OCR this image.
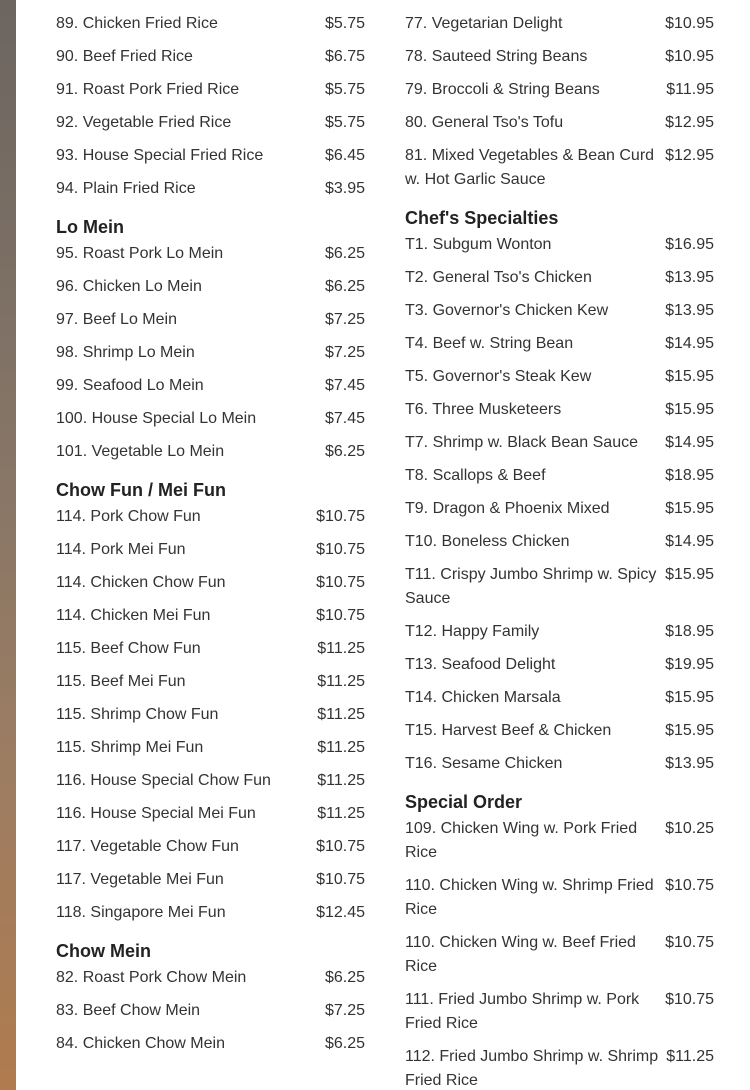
89. Chicken Fried Rice	$5.75
90. Beef Fried Rice	$6.75
91. Roast Pork Fried Rice	$5.75
92. Vegetable Fried Rice	$5.75
93. House Special Fried Rice	$6.45
94. Plain Fried Rice	$3.95
Lo Mein
95. Roast Pork Lo Mein	$6.25
96. Chicken Lo Mein	$6.25
97. Beef Lo Mein	$7.25
98. Shrimp Lo Mein	$7.25
99. Seafood Lo Mein	$7.45
100. House Special Lo Mein	$7.45
101. Vegetable Lo Mein	$6.25
Chow Fun / Mei Fun
114. Pork Chow Fun	$10.75
114. Pork Mei Fun	$10.75
114. Chicken Chow Fun	$10.75
114. Chicken Mei Fun	$10.75
115. Beef Chow Fun	$11.25
115. Beef Mei Fun	$11.25
115. Shrimp Chow Fun	$11.25
115. Shrimp Mei Fun	$11.25
116. House Special Chow Fun	$11.25
116. House Special Mei Fun	$11.25
117. Vegetable Chow Fun	$10.75
117. Vegetable Mei Fun	$10.75
118. Singapore Mei Fun	$12.45
Chow Mein
82. Roast Pork Chow Mein	$6.25
83. Beef Chow Mein	$7.25
84. Chicken Chow Mein	$6.25
77. Vegetarian Delight	$10.95
78. Sauteed String Beans	$10.95
79. Broccoli & String Beans	$11.95
80. General Tso's Tofu	$12.95
81. Mixed Vegetables & Bean Curd w. Hot Garlic Sauce
$12.95
Chef's Specialties
T1. Subgum Wonton	$16.95
T2. General Tso's Chicken	$13.95
T3. Governor's Chicken Kew	$13.95
T4. Beef w. String Bean	$14.95
T5. Governor's Steak Kew	$15.95
T6. Three Musketeers	$15.95
T7. Shrimp w. Black Bean Sauce	$14.95
T8. Scallops & Beef	$18.95
T9. Dragon & Phoenix Mixed	$15.95
T10. Boneless Chicken	$14.95
T11. Crispy Jumbo Shrimp w. Spicy Sauce
$15.95
T12. Happy Family	$18.95
T13. Seafood Delight	$19.95
T14. Chicken Marsala	$15.95
T15. Harvest Beef & Chicken	$15.95
T16. Sesame Chicken	$13.95
Special Order
109. Chicken Wing w. Pork Fried Rice
$10.25
110. Chicken Wing w. Shrimp Fried Rice
$10.75
110. Chicken Wing w. Beef Fried Rice
$10.75
111. Fried Jumbo Shrimp w. Pork Fried Rice
$10.75
112. Fried Jumbo Shrimp w. Shrimp Fried Rice
$11.25
